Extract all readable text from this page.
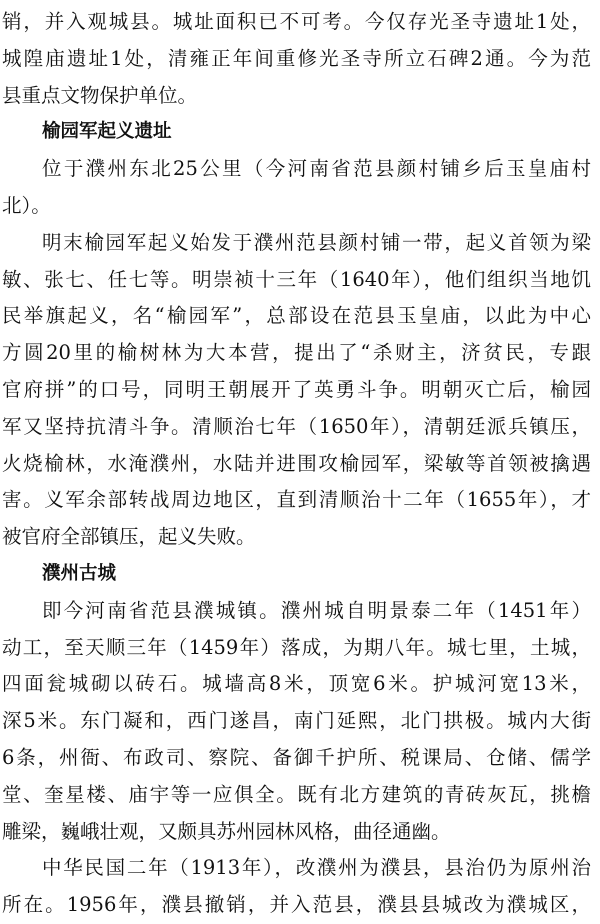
销，并入观城县。城址面积已不可考。今仅存光圣寺遗址1处，
城隍庙遗址1处，清雍正年间重修光圣寺所立石碑2通。今为范
县重点文物保护单位。
榆园军起义遗址
位于濮州东北25公里（今河南省范县颜村铺乡后玉皇庙村
北）。
明末榆园军起义始发于濮州范县颜村铺一带，起义首领为梁
敏、张七、任七等。明崇祯十三年（1640年），他们组织当地饥
民举旗起义，名“榆园军”，总部设在范县玉皇庙，以此为中心
方圆20里的榆树林为大本营，提出了“杀财主，济贫民，专跟
官府拼”的口号，同明王朝展开了英勇斗争。明朝灭亡后，榆园
军又坚持抗清斗争。清顺治七年（1650年），清朝廷派兵镇压，
火烧榆林，水淹濮州，水陆并进围攻榆园军，梁敏等首领被擒遇
害。义军余部转战周边地区，直到清顺治十二年（1655年），才
被官府全部镇压，起义失败。
濮州古城
即今河南省范县濮城镇。濮州城自明景泰二年（1451年）
动工，至天顺三年（1459年）落成，为期八年。城七里，土城，
四面瓮城砌以砖石。城墙高8米，顶宽6米。护城河宽13米，
深5米。东门凝和，西门遂昌，南门延熙，北门拱极。城内大街
6条，州衙、布政司、察院、备御千护所、税课局、仓储、儒学
堂、奎星楼、庙宇等一应俱全。既有北方建筑的青砖灰瓦，挑檐
雕梁，巍峨壮观，又颇具苏州园林风格，曲径通幽。
中华民国二年（1913年），改濮州为濮县，县治仍为原州治
所在。1956年，濮县撤销，并入范县，濮县县城改为濮城区，
